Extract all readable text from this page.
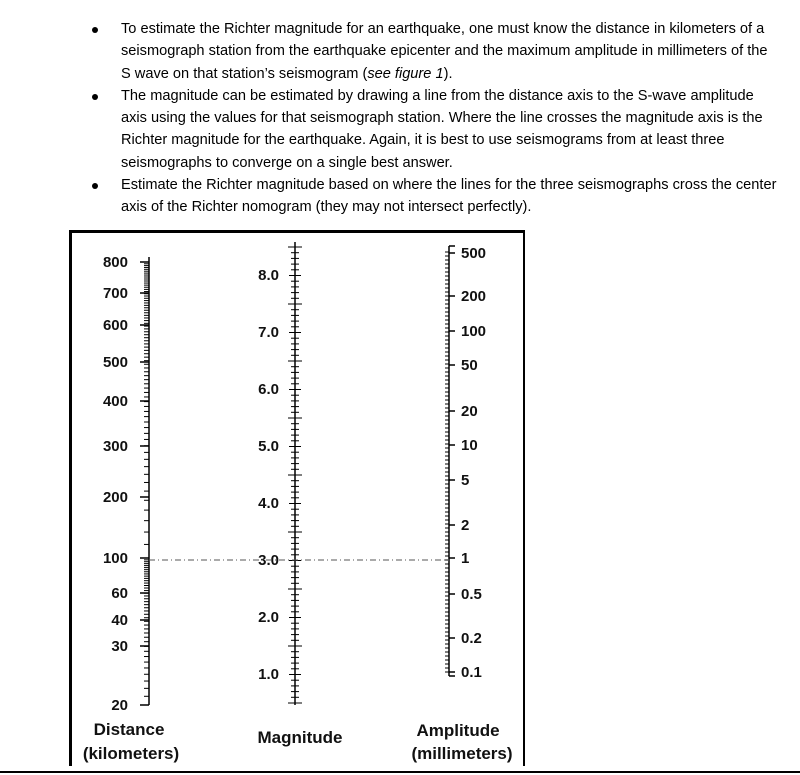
To estimate the Richter magnitude for an earthquake, one must know the distance in kilometers of a seismograph station from the earthquake epicenter and the maximum amplitude in millimeters of the S wave on that station’s seismogram (see figure 1).
The magnitude can be estimated by drawing a line from the distance axis to the S-wave amplitude axis using the values for that seismograph station. Where the line crosses the magnitude axis is the Richter magnitude for the earthquake. Again, it is best to use seismograms from at least three seismographs to converge on a single best answer.
Estimate the Richter magnitude based on where the lines for the three seismographs cross the center axis of the Richter nomogram (they may not intersect perfectly).
800
700
600
500
400
300
200
100
60
40
30
20
8.0
7.0
6.0
5.0
4.0
3.0
2.0
1.0
500
200
100
50
20
10
5
2
1
0.5
0.2
0.1
Distance
(kilometers)
Magnitude	Amplitude
(millimeters)
